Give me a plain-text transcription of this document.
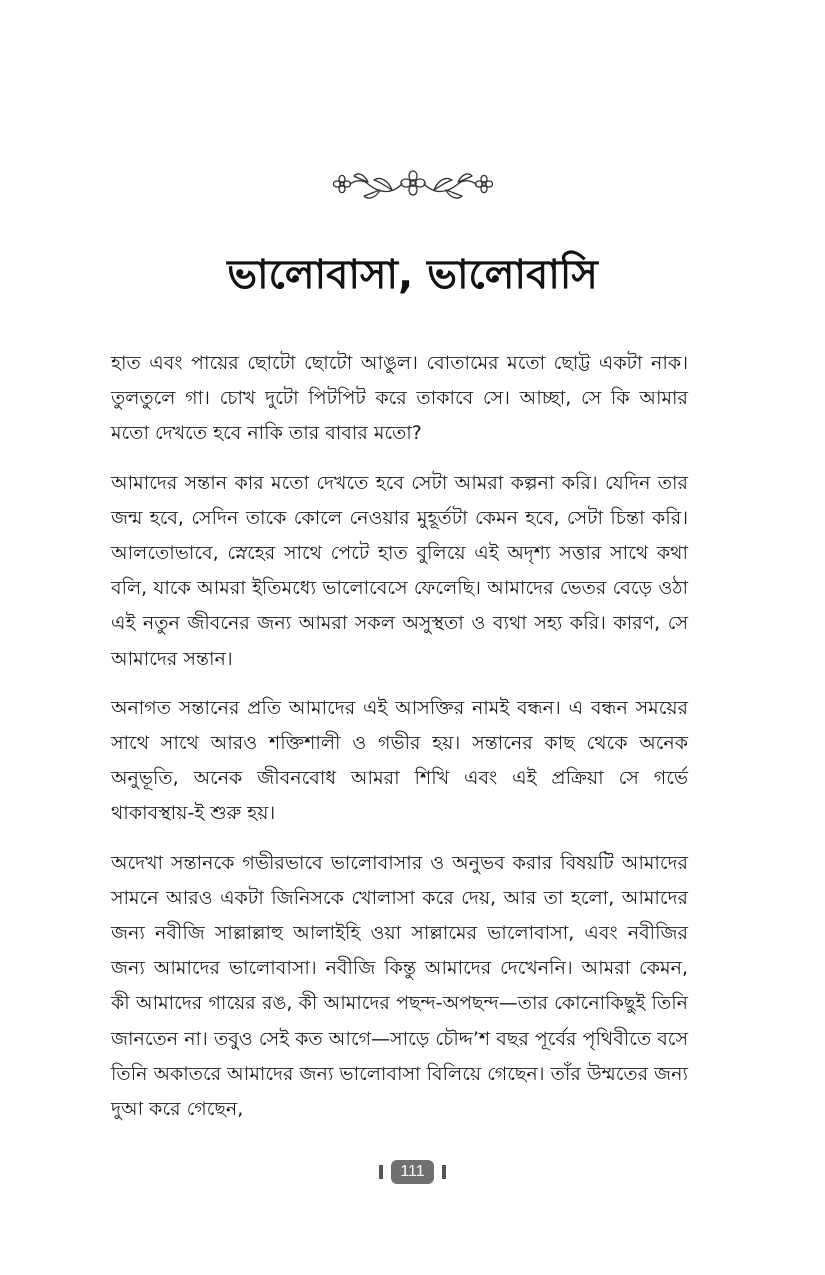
ভালোবাসা, ভালোবাসি

হাত এবং পায়ের ছোটো ছোটো আঙুল। বোতামের মতো ছোট্ট একটা নাক। তুলতুলে গা। চোখ দুটো পিটপিট করে তাকাবে সে। আচ্ছা, সে কি আমার মতো দেখতে হবে নাকি তার বাবার মতো?

আমাদের সন্তান কার মতো দেখতে হবে সেটা আমরা কল্পনা করি। যেদিন তার জন্ম হবে, সেদিন তাকে কোলে নেওয়ার মুহূর্তটা কেমন হবে, সেটা চিন্তা করি। আলতোভাবে, স্নেহের সাথে পেটে হাত বুলিয়ে এই অদৃশ্য সত্তার সাথে কথা বলি, যাকে আমরা ইতিমধ্যে ভালোবেসে ফেলেছি। আমাদের ভেতর বেড়ে ওঠা এই নতুন জীবনের জন্য আমরা সকল অসুস্থতা ও ব্যথা সহ্য করি। কারণ, সে আমাদের সন্তান।

অনাগত সন্তানের প্রতি আমাদের এই আসক্তির নামই বন্ধন। এ বন্ধন সময়ের সাথে সাথে আরও শক্তিশালী ও গভীর হয়। সন্তানের কাছ থেকে অনেক অনুভূতি, অনেক জীবনবোধ আমরা শিখি এবং এই প্রক্রিয়া সে গর্ভে থাকাবস্থায়-ই শুরু হয়।

অদেখা সন্তানকে গভীরভাবে ভালোবাসার ও অনুভব করার বিষয়টি আমাদের সামনে আরও একটা জিনিসকে খোলাসা করে দেয়, আর তা হলো, আমাদের জন্য নবীজি সাল্লাল্লাহু আলাইহি ওয়া সাল্লামের ভালোবাসা, এবং নবীজির জন্য আমাদের ভালোবাসা। নবীজি কিন্তু আমাদের দেখেননি। আমরা কেমন, কী আমাদের গায়ের রঙ, কী আমাদের পছন্দ-অপছন্দ—তার কোনোকিছুই তিনি জানতেন না। তবুও সেই কত আগে—সাড়ে চৌদ্দ’শ বছর পূর্বের পৃথিবীতে বসে তিনি অকাতরে আমাদের জন্য ভালোবাসা বিলিয়ে গেছেন। তাঁর উম্মতের জন্য দুআ করে গেছেন,

111
